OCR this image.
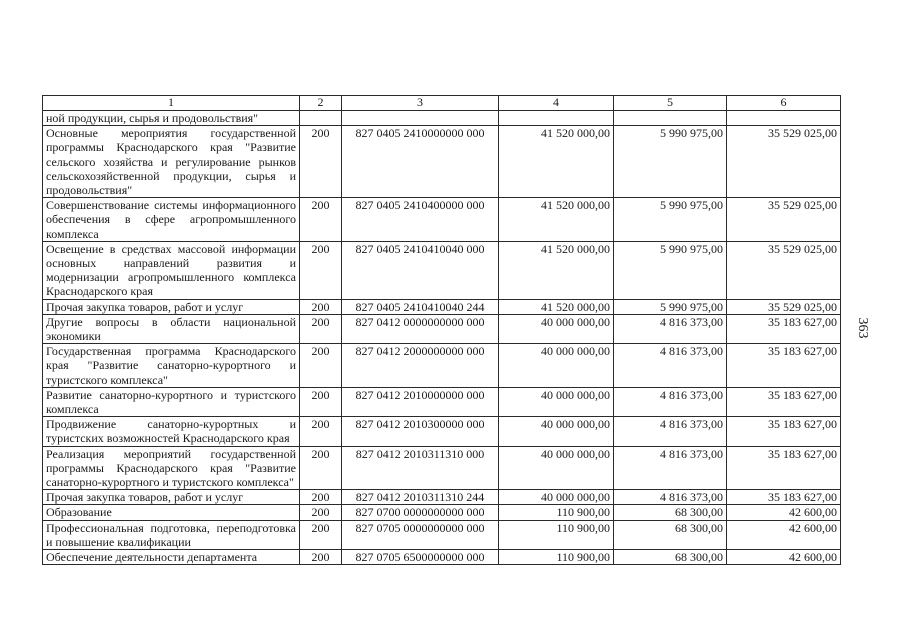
363
1	2	3	4	5	6
ной продукции, сырья и продовольствия"					
Основные мероприятия государственной программы Краснодарского края "Развитие сельского хозяйства и регулирование рынков сельскохозяйственной продукции, сырья и продовольствия"	200	827 0405 2410000000 000	41 520 000,00	5 990 975,00	35 529 025,00
Совершенствование системы информационного обеспечения в сфере агропромышленного комплекса	200	827 0405 2410400000 000	41 520 000,00	5 990 975,00	35 529 025,00
Освещение в средствах массовой информации основных направлений развития и модернизации агропромышленного комплекса Краснодарского края	200	827 0405 2410410040 000	41 520 000,00	5 990 975,00	35 529 025,00
Прочая закупка товаров, работ и услуг	200	827 0405 2410410040 244	41 520 000,00	5 990 975,00	35 529 025,00
Другие вопросы в области национальной экономики	200	827 0412 0000000000 000	40 000 000,00	4 816 373,00	35 183 627,00
Государственная программа Краснодарского края "Развитие санаторно-курортного и туристского комплекса"	200	827 0412 2000000000 000	40 000 000,00	4 816 373,00	35 183 627,00
Развитие санаторно-курортного и туристского комплекса	200	827 0412 2010000000 000	40 000 000,00	4 816 373,00	35 183 627,00
Продвижение санаторно-курортных и туристских возможностей Краснодарского края	200	827 0412 2010300000 000	40 000 000,00	4 816 373,00	35 183 627,00
Реализация мероприятий государственной программы Краснодарского края "Развитие санаторно-курортного и туристского комплекса"	200	827 0412 2010311310 000	40 000 000,00	4 816 373,00	35 183 627,00
Прочая закупка товаров, работ и услуг	200	827 0412 2010311310 244	40 000 000,00	4 816 373,00	35 183 627,00
Образование	200	827 0700 0000000000 000	110 900,00	68 300,00	42 600,00
Профессиональная подготовка, переподготовка и повышение квалификации	200	827 0705 0000000000 000	110 900,00	68 300,00	42 600,00
Обеспечение деятельности департамента	200	827 0705 6500000000 000	110 900,00	68 300,00	42 600,00
